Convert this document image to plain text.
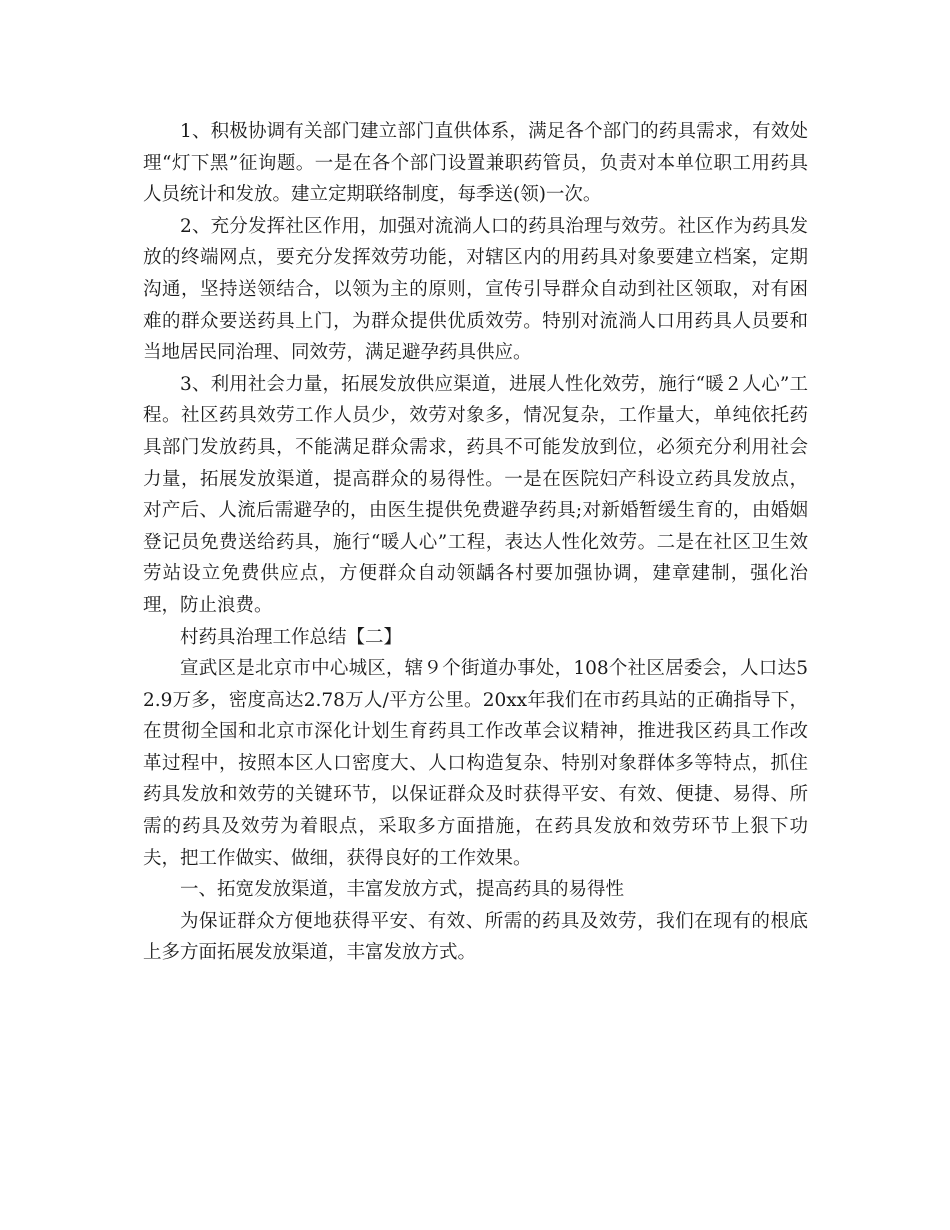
1、积极协调有关部门建立部门直供体系，满足各个部门的药具需求，有效处理“灯下黑”征询题。一是在各个部门设置兼职药管员，负责对本单位职工用药具人员统计和发放。建立定期联络制度，每季送(领)一次。

2、充分发挥社区作用，加强对流淌人口的药具治理与效劳。社区作为药具发放的终端网点，要充分发挥效劳功能，对辖区内的用药具对象要建立档案，定期沟通，坚持送领结合，以领为主的原则，宣传引导群众自动到社区领取，对有困难的群众要送药具上门，为群众提供优质效劳。特别对流淌人口用药具人员要和当地居民同治理、同效劳，满足避孕药具供应。

3、利用社会力量，拓展发放供应渠道，进展人性化效劳，施行“暖２人心”工程。社区药具效劳工作人员少，效劳对象多，情况复杂，工作量大，单纯依托药具部门发放药具，不能满足群众需求，药具不可能发放到位，必须充分利用社会力量，拓展发放渠道，提高群众的易得性。一是在医院妇产科设立药具发放点，对产后、人流后需避孕的，由医生提供免费避孕药具;对新婚暂缓生育的，由婚姻登记员免费送给药具，施行“暖人心”工程，表达人性化效劳。二是在社区卫生效劳站设立免费供应点，方便群众自动领龋各村要加强协调，建章建制，强化治理，防止浪费。

村药具治理工作总结【二】

宣武区是北京市中心城区，辖９个街道办事处，108个社区居委会，人口达52.9万多，密度高达2.78万人/平方公里。20xx年我们在市药具站的正确指导下，在贯彻全国和北京市深化计划生育药具工作改革会议精神，推进我区药具工作改革过程中，按照本区人口密度大、人口构造复杂、特别对象群体多等特点，抓住药具发放和效劳的关键环节，以保证群众及时获得平安、有效、便捷、易得、所需的药具及效劳为着眼点，采取多方面措施，在药具发放和效劳环节上狠下功夫，把工作做实、做细，获得良好的工作效果。

一、拓宽发放渠道，丰富发放方式，提高药具的易得性

为保证群众方便地获得平安、有效、所需的药具及效劳，我们在现有的根底上多方面拓展发放渠道，丰富发放方式。
